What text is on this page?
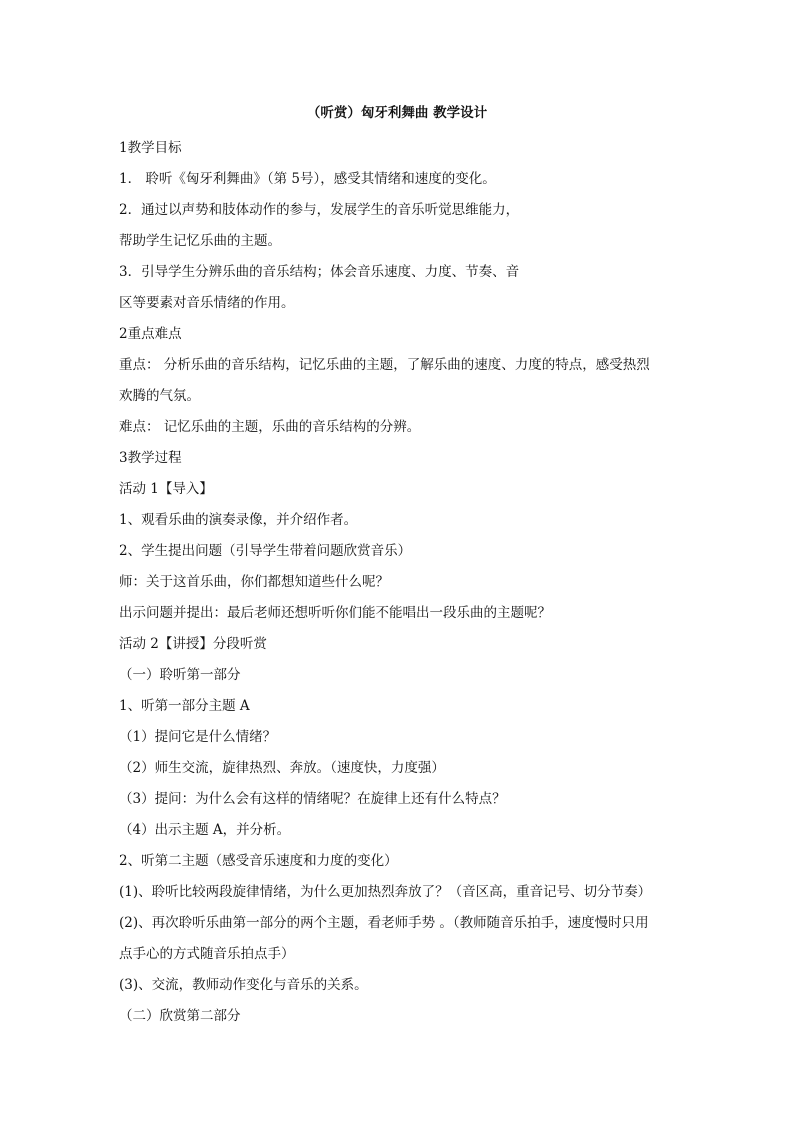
（听赏）匈牙利舞曲 教学设计
1教学目标
1． 聆听《匈牙利舞曲》（第 5号），感受其情绪和速度的变化。
2．通过以声势和肢体动作的参与，发展学生的音乐听觉思维能力，
帮助学生记忆乐曲的主题。
3．引导学生分辨乐曲的音乐结构；体会音乐速度、力度、节奏、音
区等要素对音乐情绪的作用。
2重点难点
重点： 分析乐曲的音乐结构，记忆乐曲的主题，了解乐曲的速度、力度的特点，感受热烈
欢腾的气氛。
难点： 记忆乐曲的主题，乐曲的音乐结构的分辨。
3教学过程
活动 1【导入】
1、观看乐曲的演奏录像，并介绍作者。
2、学生提出问题（引导学生带着问题欣赏音乐）
师：关于这首乐曲，你们都想知道些什么呢？
出示问题并提出：最后老师还想听听你们能不能唱出一段乐曲的主题呢？
活动 2【讲授】分段听赏
（一）聆听第一部分
1、听第一部分主题 A
（1）提问它是什么情绪？
（2）师生交流，旋律热烈、奔放。（速度快，力度强）
（3）提问：为什么会有这样的情绪呢？在旋律上还有什么特点？
（4）出示主题 A，并分析。
2、听第二主题（感受音乐速度和力度的变化）
(1)、聆听比较两段旋律情绪，为什么更加热烈奔放了？（音区高，重音记号、切分节奏）
(2)、再次聆听乐曲第一部分的两个主题，看老师手势 。（教师随音乐拍手，速度慢时只用
点手心的方式随音乐拍点手）
(3)、交流，教师动作变化与音乐的关系。
（二）欣赏第二部分
